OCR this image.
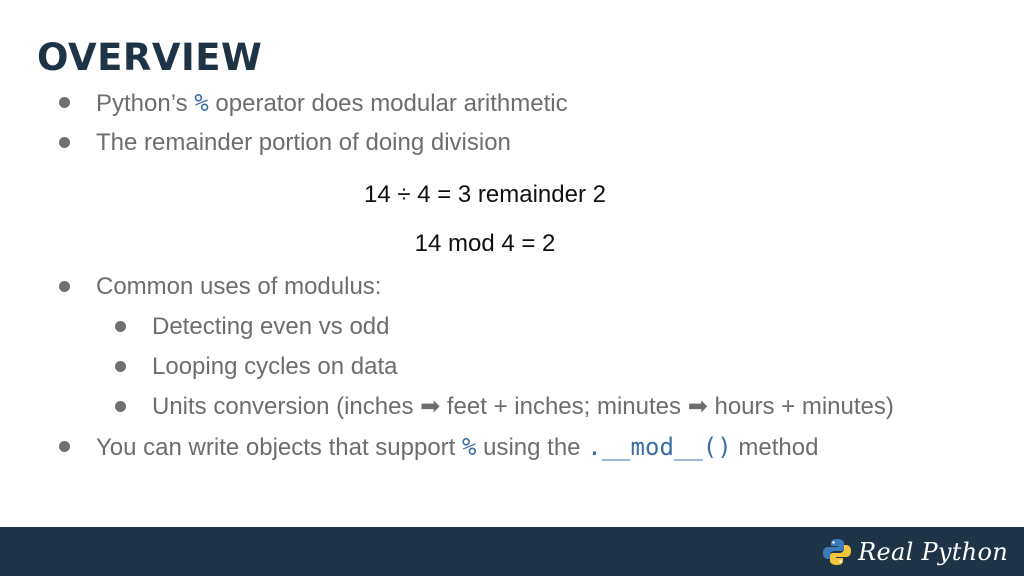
OVERVIEW
Python’s % operator does modular arithmetic
The remainder portion of doing division
14 ÷ 4 = 3 remainder 2
14 mod 4 = 2
Common uses of modulus:
Detecting even vs odd
Looping cycles on data
Units conversion (inches ➡ feet + inches; minutes ➡ hours + minutes)
You can write objects that support % using the .__mod__() method
Real Python
